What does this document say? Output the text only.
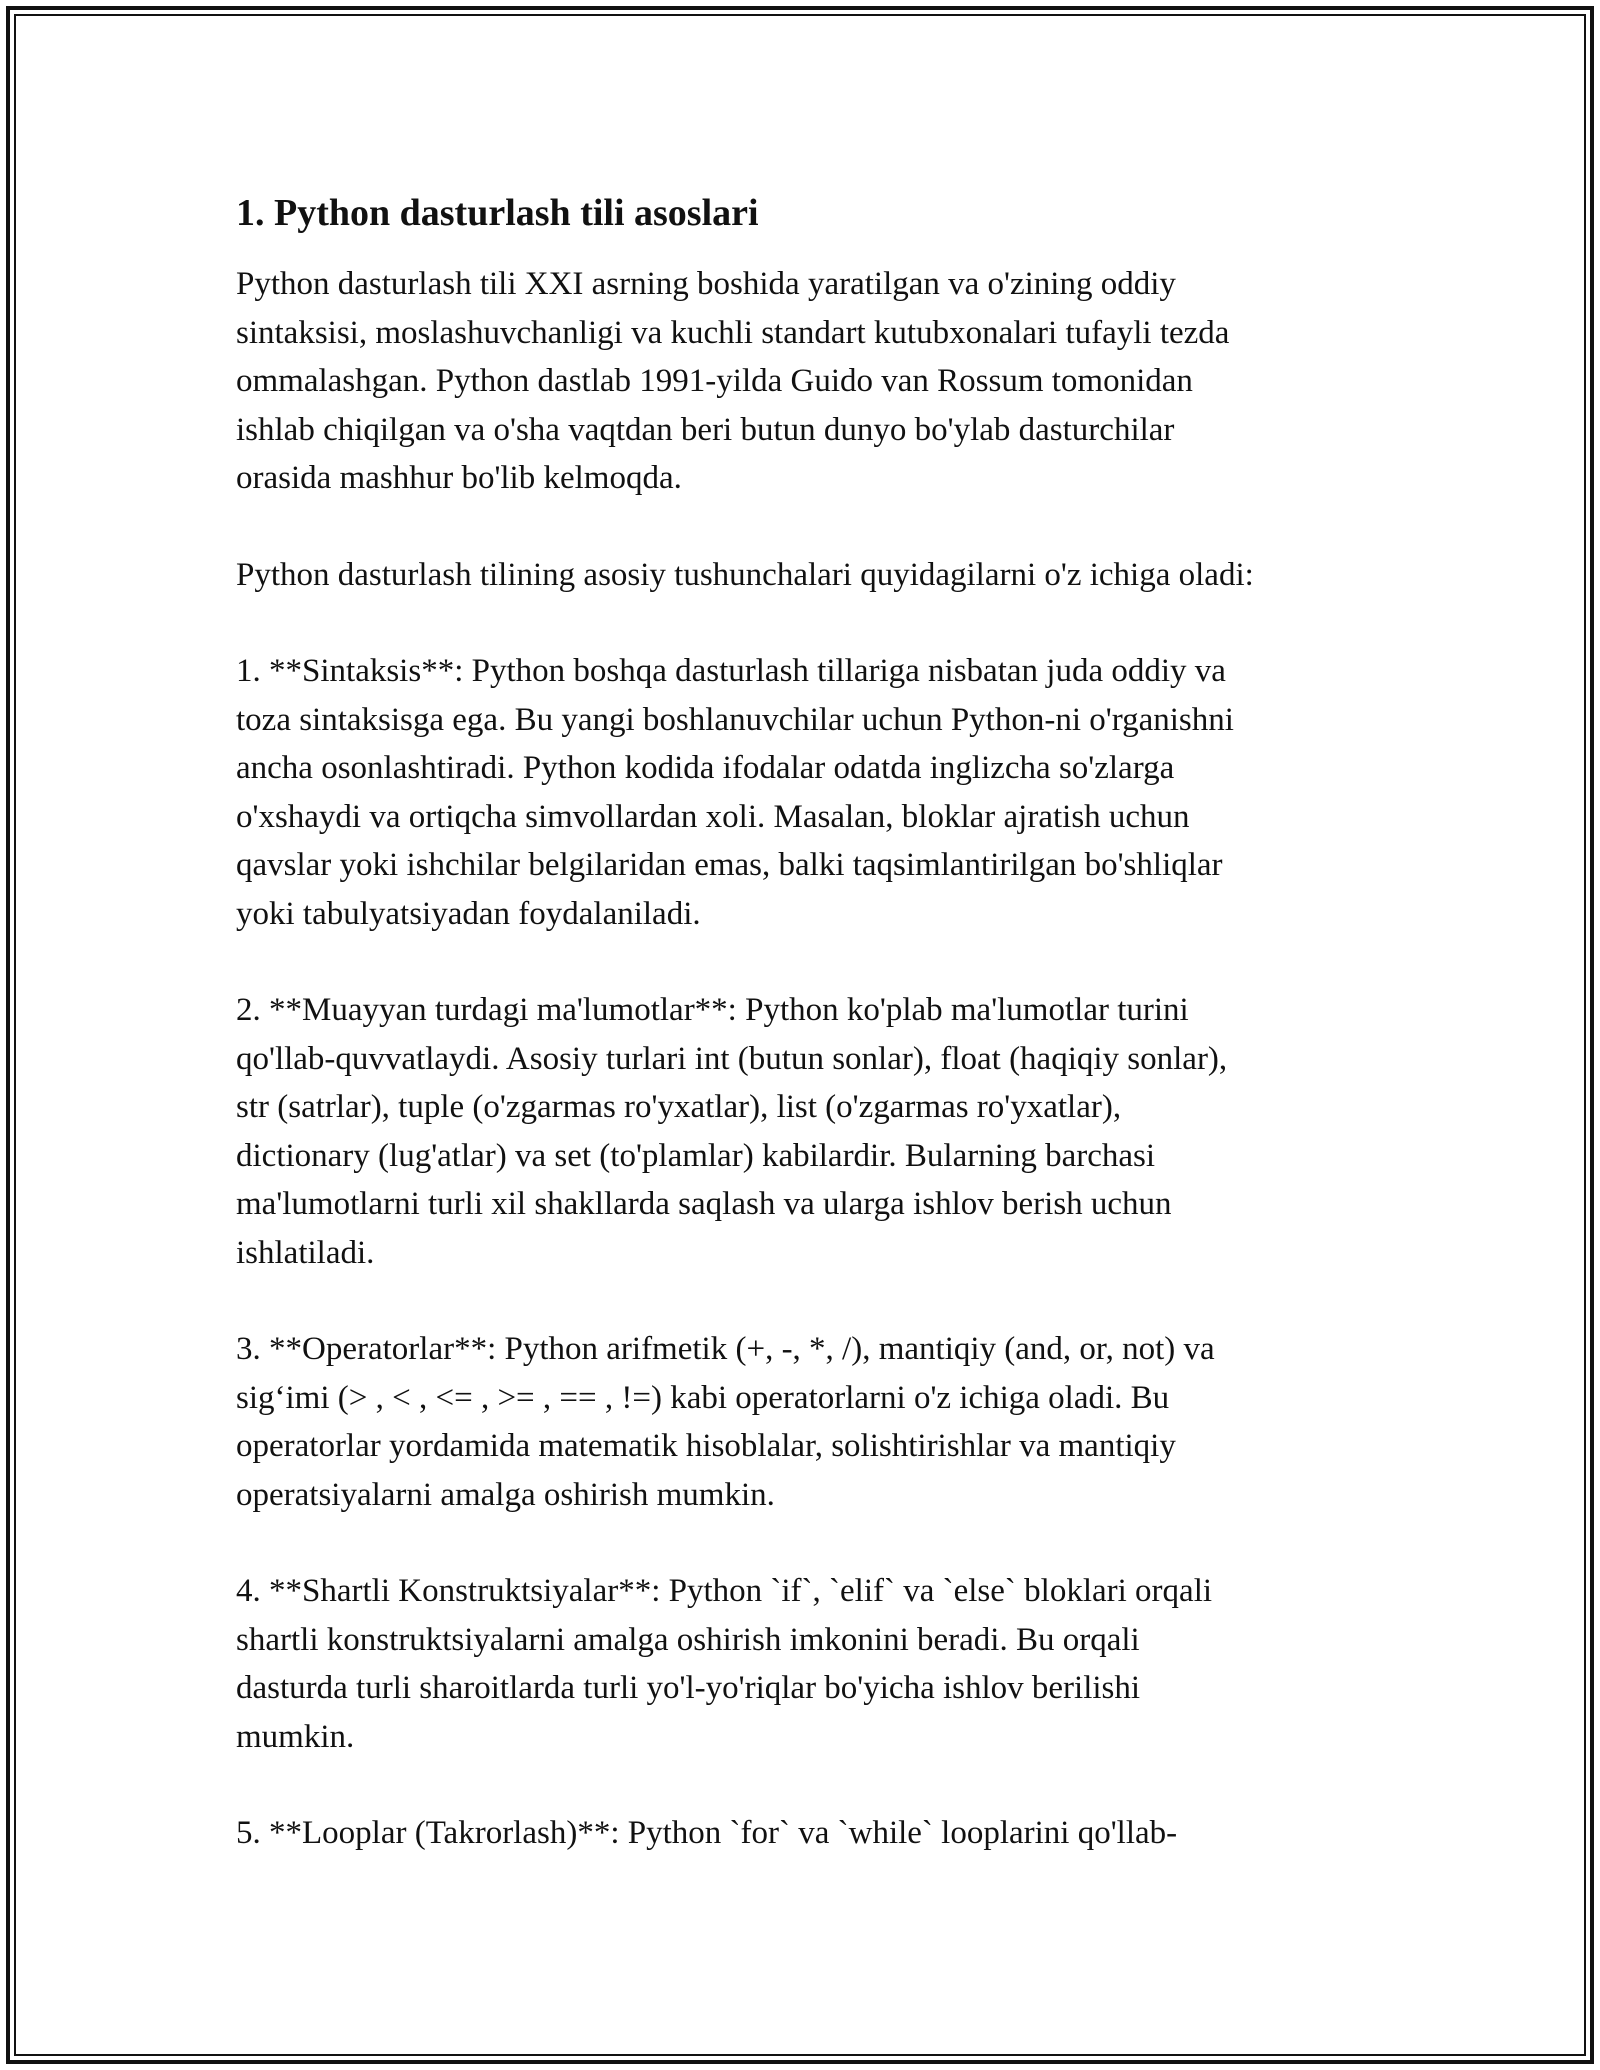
1. Python dasturlash tili asoslari

Python dasturlash tili XXI asrning boshida yaratilgan va o'zining oddiy
sintaksisi, moslashuvchanligi va kuchli standart kutubxonalari tufayli tezda
ommalashgan. Python dastlab 1991-yilda Guido van Rossum tomonidan
ishlab chiqilgan va o'sha vaqtdan beri butun dunyo bo'ylab dasturchilar
orasida mashhur bo'lib kelmoqda.

Python dasturlash tilining asosiy tushunchalari quyidagilarni o'z ichiga oladi:

1. **Sintaksis**: Python boshqa dasturlash tillariga nisbatan juda oddiy va
toza sintaksisga ega. Bu yangi boshlanuvchilar uchun Python-ni o'rganishni
ancha osonlashtiradi. Python kodida ifodalar odatda inglizcha so'zlarga
o'xshaydi va ortiqcha simvollardan xoli. Masalan, bloklar ajratish uchun
qavslar yoki ishchilar belgilaridan emas, balki taqsimlantirilgan bo'shliqlar
yoki tabulyatsiyadan foydalaniladi.

2. **Muayyan turdagi ma'lumotlar**: Python ko'plab ma'lumotlar turini
qo'llab-quvvatlaydi. Asosiy turlari int (butun sonlar), float (haqiqiy sonlar),
str (satrlar), tuple (o'zgarmas ro'yxatlar), list (o'zgarmas ro'yxatlar),
dictionary (lug'atlar) va set (to'plamlar) kabilardir. Bularning barchasi
ma'lumotlarni turli xil shakllarda saqlash va ularga ishlov berish uchun
ishlatiladi.

3. **Operatorlar**: Python arifmetik (+, -, *, /), mantiqiy (and, or, not) va
sig‘imi (> , < , <= , >= , == , !=) kabi operatorlarni o'z ichiga oladi. Bu
operatorlar yordamida matematik hisoblalar, solishtirishlar va mantiqiy
operatsiyalarni amalga oshirish mumkin.

4. **Shartli Konstruktsiyalar**: Python `if`, `elif` va `else` bloklari orqali
shartli konstruktsiyalarni amalga oshirish imkonini beradi. Bu orqali
dasturda turli sharoitlarda turli yo'l-yo'riqlar bo'yicha ishlov berilishi
mumkin.

5. **Looplar (Takrorlash)**: Python `for` va `while` looplarini qo'llab-
